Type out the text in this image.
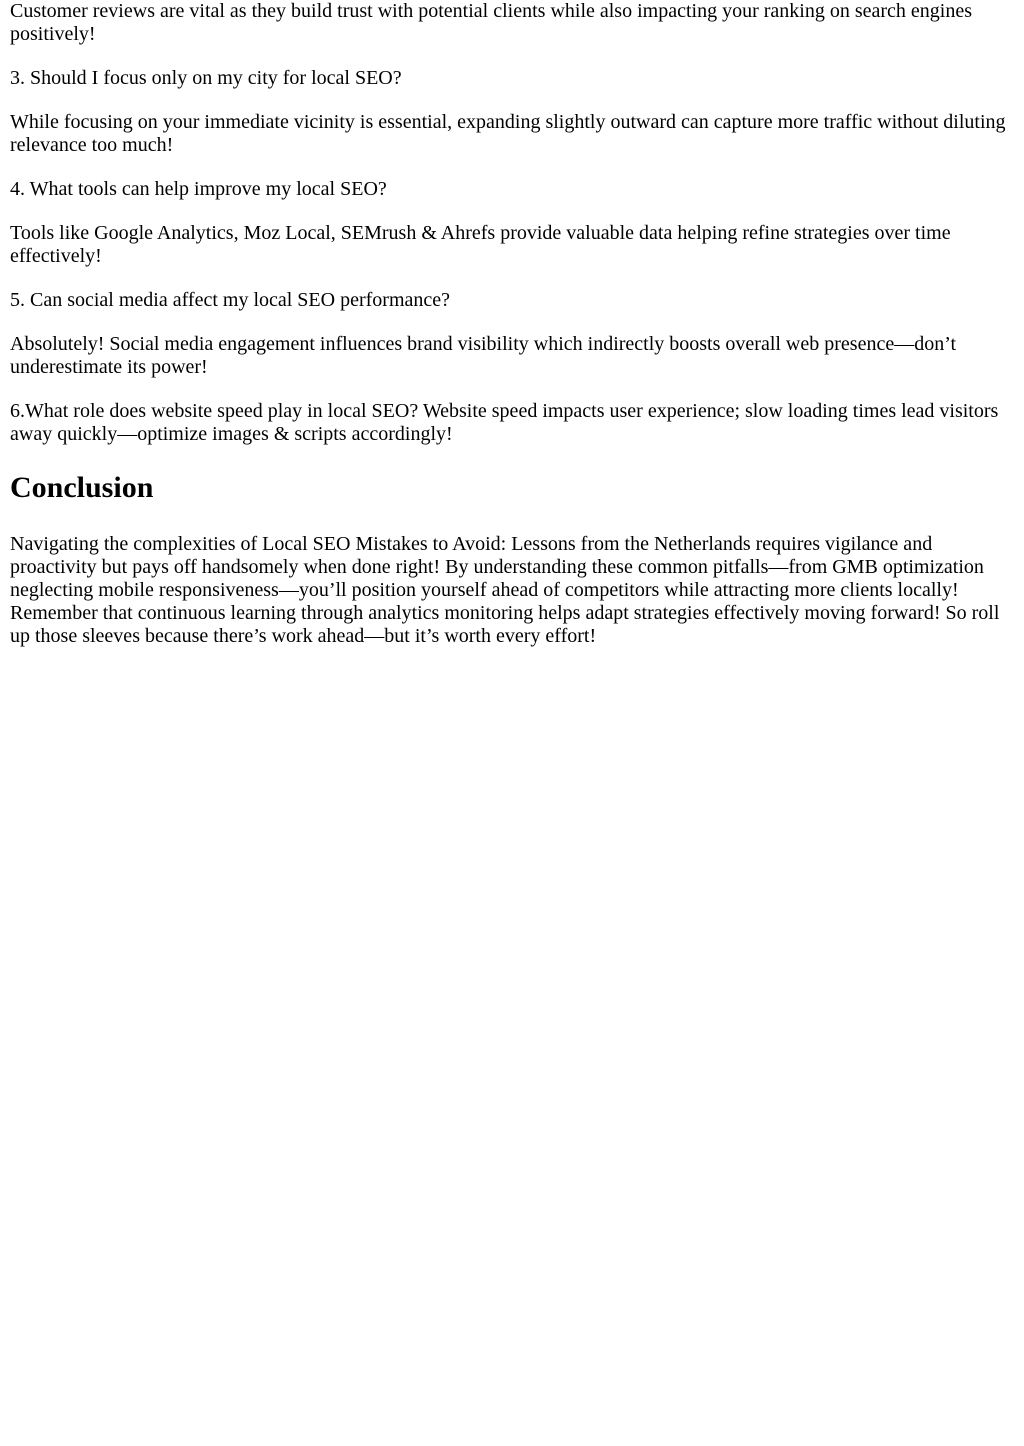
Customer reviews are vital as they build trust with potential clients while also impacting your ranking on search engines positively!

3. Should I focus only on my city for local SEO?

While focusing on your immediate vicinity is essential, expanding slightly outward can capture more traffic without diluting relevance too much!

4. What tools can help improve my local SEO?

Tools like Google Analytics, Moz Local, SEMrush & Ahrefs provide valuable data helping refine strategies over time effectively!

5. Can social media affect my local SEO performance?

Absolutely! Social media engagement influences brand visibility which indirectly boosts overall web presence—don’t underestimate its power!

6.What role does website speed play in local SEO? Website speed impacts user experience; slow loading times lead visitors away quickly—optimize images & scripts accordingly!

Conclusion

Navigating the complexities of Local SEO Mistakes to Avoid: Lessons from the Netherlands requires vigilance and proactivity but pays off handsomely when done right! By understanding these common pitfalls—from GMB optimization neglecting mobile responsiveness—you’ll position yourself ahead of competitors while attracting more clients locally! Remember that continuous learning through analytics monitoring helps adapt strategies effectively moving forward! So roll up those sleeves because there’s work ahead—but it’s worth every effort!
